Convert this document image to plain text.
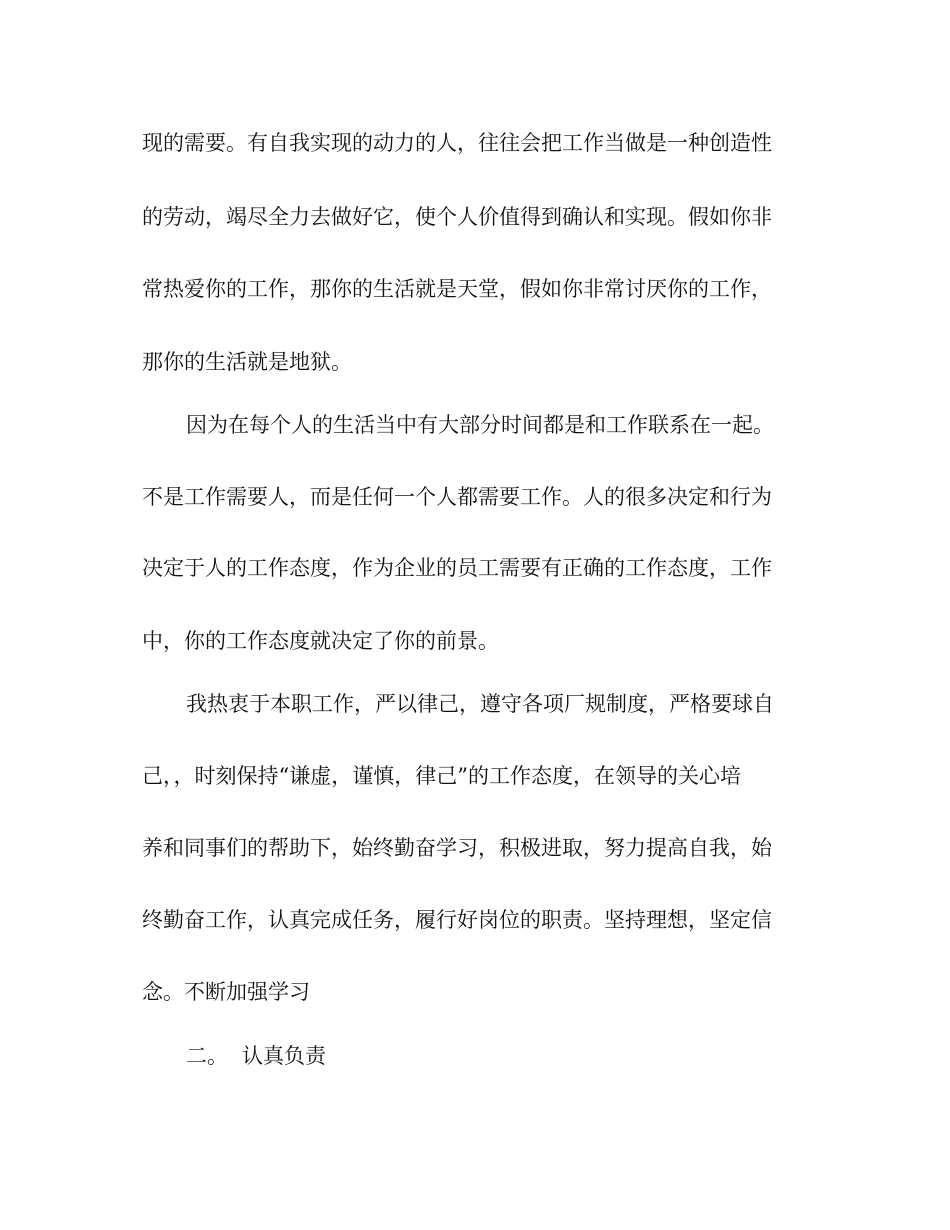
现的需要。有自我实现的动力的人，往往会把工作当做是一种创造性

的劳动，竭尽全力去做好它，使个人价值得到确认和实现。假如你非

常热爱你的工作，那你的生活就是天堂，假如你非常讨厌你的工作，

那你的生活就是地狱。

因为在每个人的生活当中有大部分时间都是和工作联系在一起。

不是工作需要人，而是任何一个人都需要工作。人的很多决定和行为

决定于人的工作态度，作为企业的员工需要有正确的工作态度，工作

中，你的工作态度就决定了你的前景。

我热衷于本职工作，严以律己，遵守各项厂规制度，严格要球自

己，，时刻保持“谦虚，谨慎，律己”的工作态度，在领导的关心培

养和同事们的帮助下，始终勤奋学习，积极进取，努力提高自我，始

终勤奋工作，认真完成任务，履行好岗位的职责。坚持理想，坚定信

念。不断加强学习

二。 认真负责
